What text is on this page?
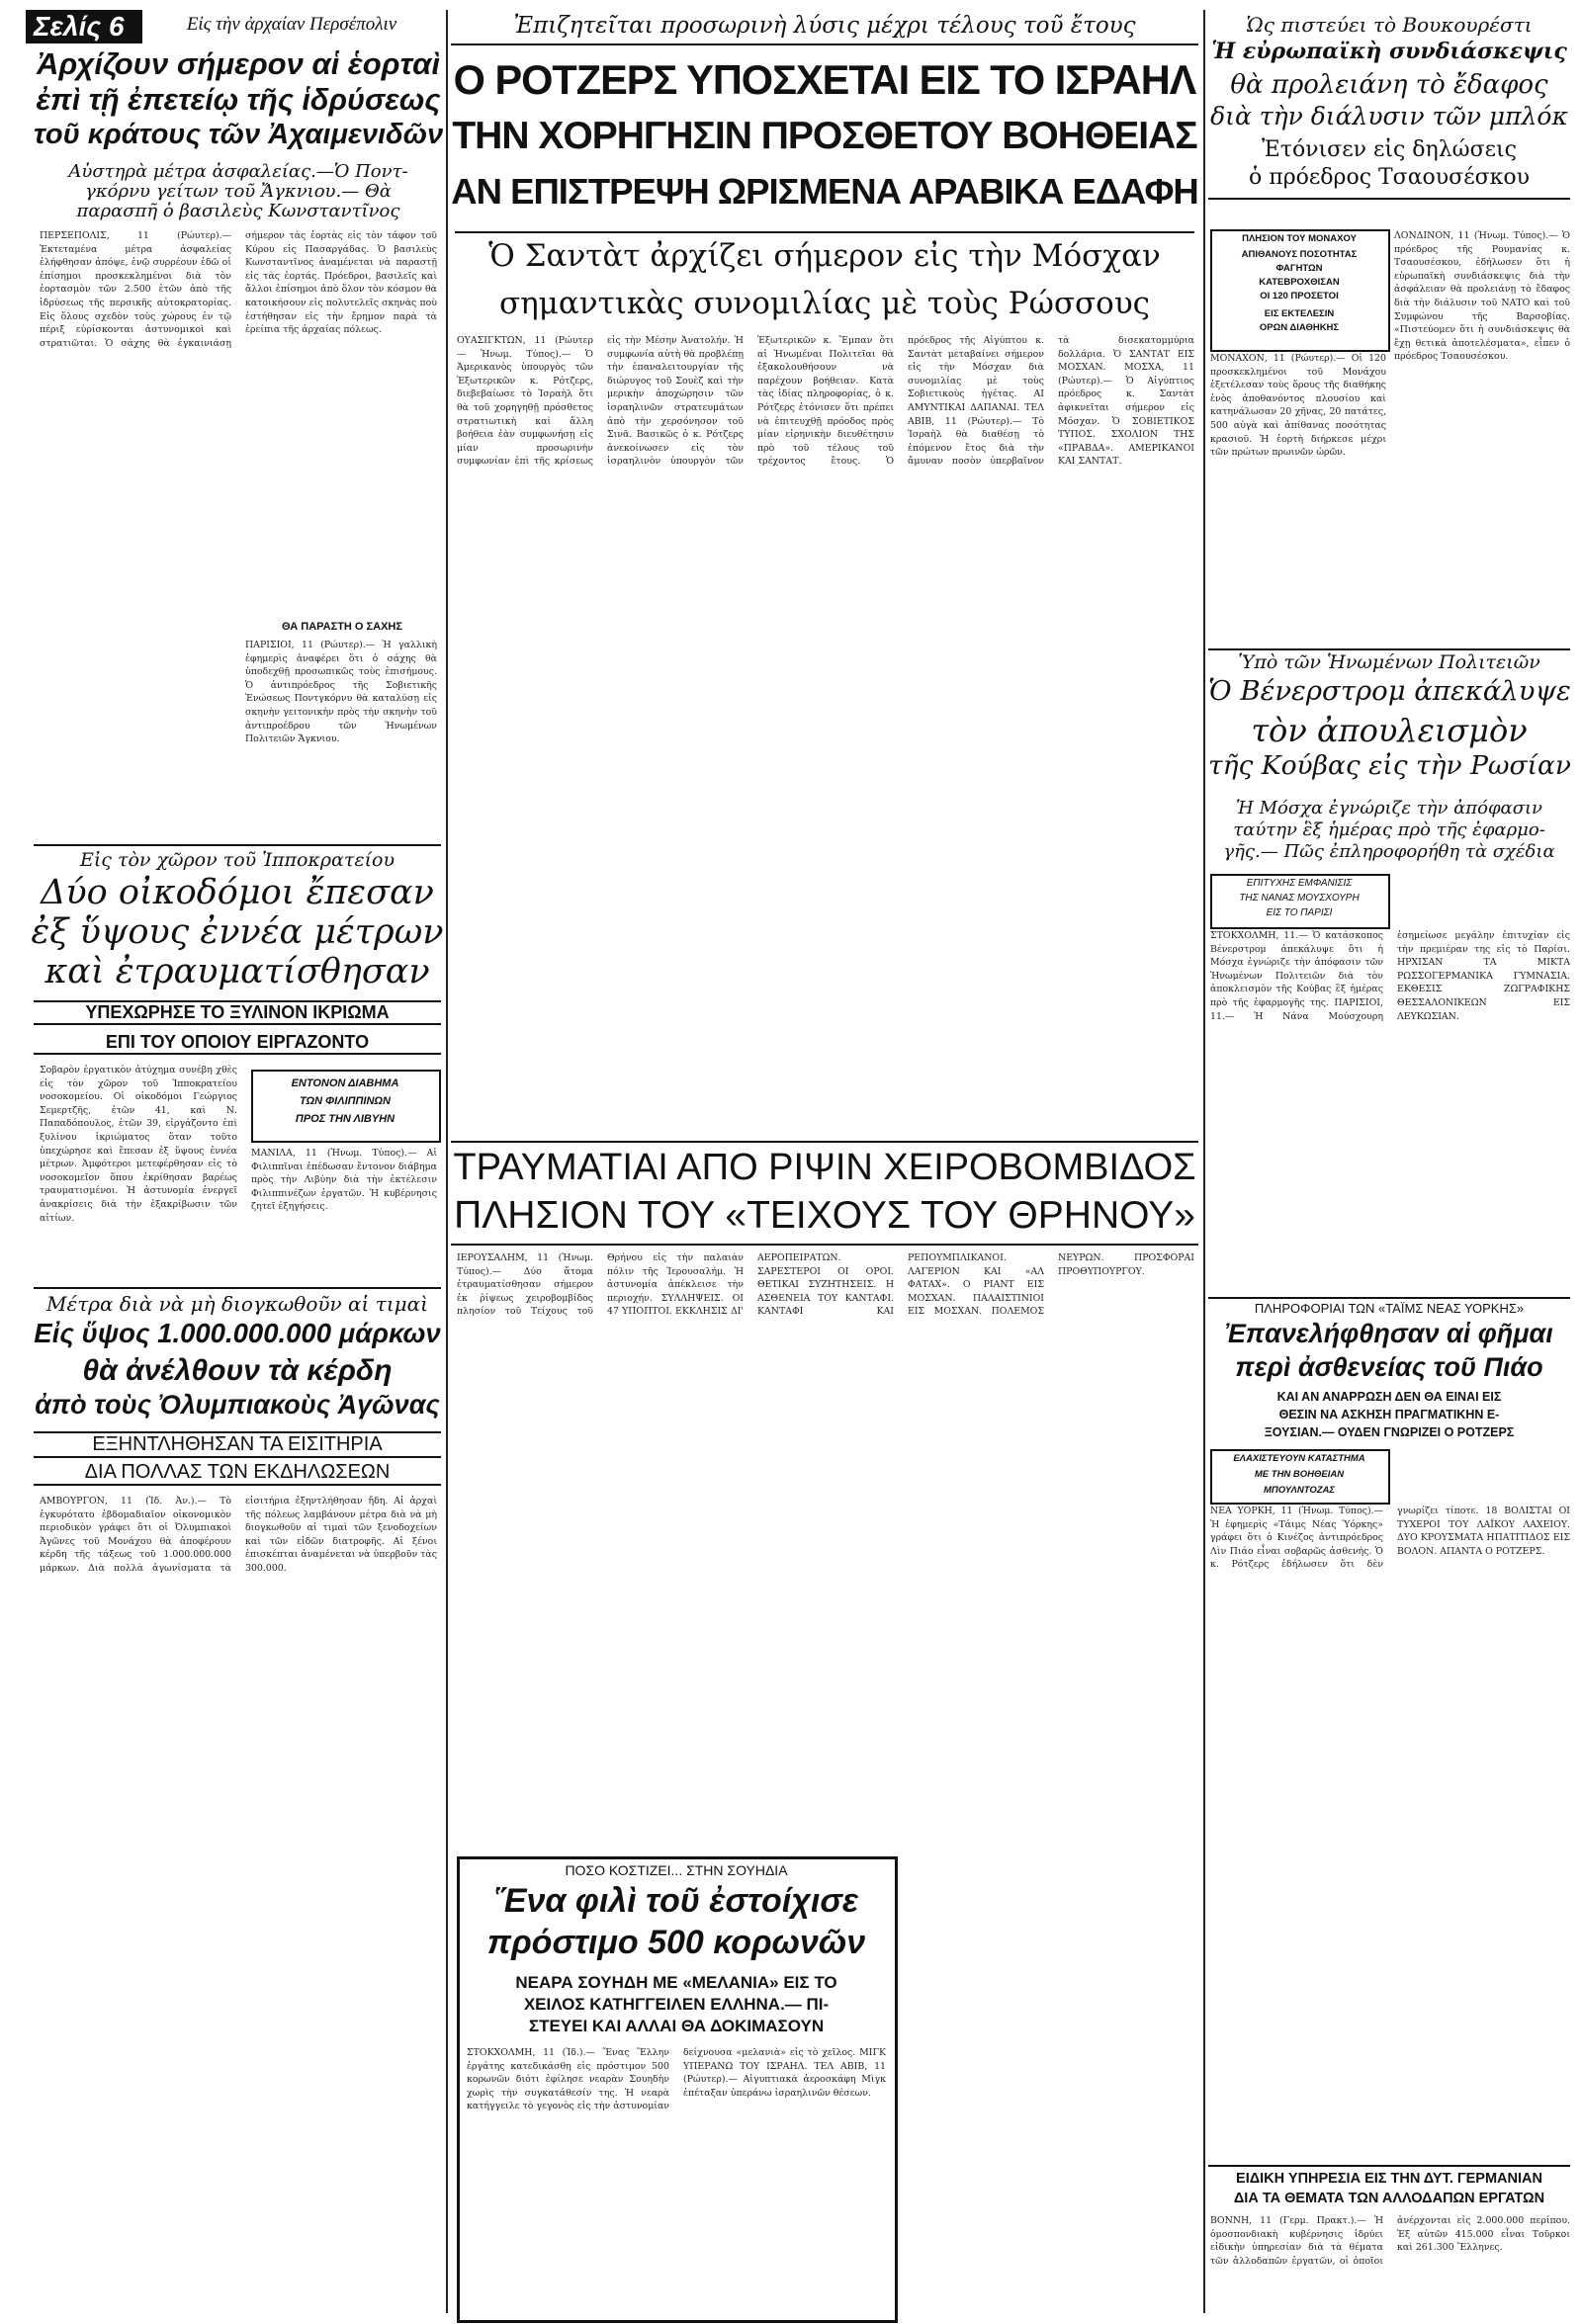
Σελίς 6	Εἰς τὴν ἀρχαίαν Περσέπολιν
Ἀρχίζουν σήμερον αἱ ἑορταὶ
ἐπὶ τῇ ἐπετείῳ τῆς ἱδρύσεως
τοῦ κράτους τῶν Ἀχαιμενιδῶν
Αὐστηρὰ μέτρα ἀσφαλείας.—Ὁ Ποντ-
γκόρνυ γείτων τοῦ Ἄγκνιου.— Θὰ
παρασπῆ ὁ βασιλεὺς Κωνσταντῖνος
ΠΕΡΣΕΠΟΛΙΣ, 11 (Ρώυτερ).— Ἐκτεταμένα μέτρα ἀσφαλείας ἐλήφθησαν ἀπόψε, ἐνῷ συρρέουν ἐδῶ οἱ ἐπίσημοι προσκεκλημένοι διὰ τὸν ἑορτασμὸν τῶν 2.500 ἐτῶν ἀπὸ τῆς ἱδρύσεως τῆς περσικῆς αὐτοκρατορίας. Εἰς ὅλους σχεδὸν τοὺς χώρους ἐν τῷ πέριξ εὑρίσκονται ἀστυνομικοὶ καὶ στρατιῶται. Ὁ σάχης θὰ ἐγκαινιάσῃ σήμερον τὰς ἑορτὰς εἰς τὸν τάφον τοῦ Κύρου εἰς Πασαργάδας. Ὁ βασιλεὺς Κωνσταντῖνος ἀναμένεται νὰ παραστῇ εἰς τὰς ἑορτάς. Πρόεδροι, βασιλεῖς καὶ ἄλλοι ἐπίσημοι ἀπὸ ὅλον τὸν κόσμον θὰ κατοικήσουν εἰς πολυτελεῖς σκηνὰς ποὺ ἐστήθησαν εἰς τὴν ἔρημον παρὰ τὰ ἐρείπια τῆς ἀρχαίας πόλεως.
ΘΑ ΠΑΡΑΣΤΗ Ο ΣΑΧΗΣ
ΠΑΡΙΣΙΟΙ, 11 (Ρώυτερ).— Ἡ γαλλικὴ ἐφημερὶς ἀναφέρει ὅτι ὁ σάχης θὰ ὑποδεχθῇ προσωπικῶς τοὺς ἐπισήμους. Ὁ ἀντιπρόεδρος τῆς Σοβιετικῆς Ἑνώσεως Ποντγκόρνυ θὰ καταλύσῃ εἰς σκηνὴν γειτονικὴν πρὸς τὴν σκηνὴν τοῦ ἀντιπροέδρου τῶν Ἡνωμένων Πολιτειῶν Ἄγκνιου.
Εἰς τὸν χῶρον τοῦ Ἱπποκρατείου
Δύο οἰκοδόμοι ἔπεσαν
ἐξ ὕψους ἐννέα μέτρων
καὶ ἐτραυματίσθησαν
ΥΠΕΧΩΡΗΣΕ ΤΟ ΞΥΛΙΝΟΝ ΙΚΡΙΩΜΑ
ΕΠΙ ΤΟΥ ΟΠΟΙΟΥ ΕΙΡΓΑΖΟΝΤΟ
Σοβαρὸν ἐργατικὸν ἀτύχημα συνέβη χθὲς εἰς τὸν χῶρον τοῦ Ἱπποκρατείου νοσοκομείου. Οἱ οἰκοδόμοι Γεώργιος Σεμερτζῆς, ἐτῶν 41, καὶ Ν. Παπαδόπουλος, ἐτῶν 39, εἰργάζοντο ἐπὶ ξυλίνου ἰκριώματος ὅταν τοῦτο ὑπεχώρησε καὶ ἔπεσαν ἐξ ὕψους ἐννέα μέτρων. Ἀμφότεροι μετεφέρθησαν εἰς τὸ νοσοκομεῖον ὅπου ἐκρίθησαν βαρέως τραυματισμένοι. Ἡ ἀστυνομία ἐνεργεῖ ἀνακρίσεις διὰ τὴν ἐξακρίβωσιν τῶν αἰτίων.
ΕΝΤΟΝΟΝ ΔΙΑΒΗΜΑ
ΤΩΝ ΦΙΛΙΠΠΙΝΩΝ
ΠΡΟΣ ΤΗΝ ΛΙΒΥΗΝ
ΜΑΝΙΛΑ, 11 (Ἡνωμ. Τύπος).— Αἱ Φιλιππῖναι ἐπέδωσαν ἔντονον διάβημα πρὸς τὴν Λιβύην διὰ τὴν ἐκτέλεσιν Φιλιππινέζων ἐργατῶν. Ἡ κυβέρνησις ζητεῖ ἐξηγήσεις.
Μέτρα διὰ νὰ μὴ διογκωθοῦν αἱ τιμαὶ
Εἰς ὕψος 1.000.000.000 μάρκων
θὰ ἀνέλθουν τὰ κέρδη
ἀπὸ τοὺς Ὀλυμπιακοὺς Ἀγῶνας
ΕΞΗΝΤΛΗΘΗΣΑΝ ΤΑ ΕΙΣΙΤΗΡΙΑ
ΔΙΑ ΠΟΛΛΑΣ ΤΩΝ ΕΚΔΗΛΩΣΕΩΝ
ΑΜΒΟΥΡΓΟΝ, 11 (Ἰδ. Ἀν.).— Τὸ ἐγκυρότατο ἑβδομαδιαῖον οἰκονομικὸν περιοδικὸν γράφει ὅτι οἱ Ὀλυμπιακοὶ Ἀγῶνες τοῦ Μονάχου θὰ ἀποφέρουν κέρδη τῆς τάξεως τοῦ 1.000.000.000 μάρκων. Διὰ πολλὰ ἀγωνίσματα τὰ εἰσιτήρια ἐξηντλήθησαν ἤδη. Αἱ ἀρχαὶ τῆς πόλεως λαμβάνουν μέτρα διὰ νὰ μὴ διογκωθοῦν αἱ τιμαὶ τῶν ξενοδοχείων καὶ τῶν εἰδῶν διατροφῆς. Αἱ ξένοι ἐπισκέπται ἀναμένεται νὰ ὑπερβοῦν τὰς 300.000.
Ἐπιζητεῖται προσωρινὴ λύσις μέχρι τέλους τοῦ ἔτους
Ο ΡΟΤΖΕΡΣ ΥΠΟΣΧΕΤΑΙ ΕΙΣ ΤΟ ΙΣΡΑΗΛ
ΤΗΝ ΧΟΡΗΓΗΣΙΝ ΠΡΟΣΘΕΤΟΥ ΒΟΗΘΕΙΑΣ
ΑΝ ΕΠΙΣΤΡΕΨΗ ΩΡΙΣΜΕΝΑ ΑΡΑΒΙΚΑ ΕΔΑΦΗ
Ὁ Σαντὰτ ἀρχίζει σήμερον εἰς τὴν Μόσχαν
σημαντικὰς συνομιλίας μὲ τοὺς Ρώσσους
ΟΥΑΣΙΓΚΤΩΝ, 11 (Ρώυτερ — Ἡνωμ. Τύπος).— Ὁ Ἀμερικανὸς ὑπουργὸς τῶν Ἐξωτερικῶν κ. Ρότζερς, διεβεβαίωσε τὸ Ἰσραὴλ ὅτι θὰ τοῦ χορηγηθῇ πρόσθετος στρατιωτικὴ καὶ ἄλλη βοήθεια ἐὰν συμφωνήσῃ εἰς μίαν προσωρινὴν συμφωνίαν ἐπὶ τῆς κρίσεως εἰς τὴν Μέσην Ἀνατολήν. Ἡ συμφωνία αὐτὴ θὰ προβλέπῃ τὴν ἐπαναλειτουργίαν τῆς διώρυγος τοῦ Σουὲζ καὶ τὴν μερικὴν ἀποχώρησιν τῶν ἰσραηλινῶν στρατευμάτων ἀπὸ τὴν χερσόνησον τοῦ Σινᾶ. Βασικῶς ὁ κ. Ρότζερς ἀνεκοίνωσεν εἰς τὸν ἰσραηλινὸν ὑπουργὸν τῶν Ἐξωτερικῶν κ. Ἔμπαν ὅτι αἱ Ἡνωμέναι Πολιτεῖαι θὰ ἐξακολουθήσουν νὰ παρέχουν βοήθειαν. Κατὰ τὰς ἰδίας πληροφορίας, ὁ κ. Ρότζερς ἐτόνισεν ὅτι πρέπει νὰ ἐπιτευχθῇ πρόοδος πρὸς μίαν εἰρηνικὴν διευθέτησιν πρὸ τοῦ τέλους τοῦ τρέχοντος ἔτους. Ὁ πρόεδρος τῆς Αἰγύπτου κ. Σαντὰτ μεταβαίνει σήμερον εἰς τὴν Μόσχαν διὰ συνομιλίας μὲ τοὺς Σοβιετικοὺς ἡγέτας. ΑΙ ΑΜΥΝΤΙΚΑΙ ΔΑΠΑΝΑΙ. ΤΕΛ ΑΒΙΒ, 11 (Ρώυτερ).— Τὸ Ἰσραὴλ θὰ διαθέσῃ τὸ ἐπόμενον ἔτος διὰ τὴν ἄμυναν ποσὸν ὑπερβαῖνον τὰ δισεκατομμύρια δολλάρια. Ὁ ΣΑΝΤΑΤ ΕΙΣ ΜΟΣΧΑΝ. ΜΟΣΧΑ, 11 (Ρώυτερ).— Ὁ Αἰγύπτιος πρόεδρος κ. Σαντὰτ ἀφικνεῖται σήμερον εἰς Μόσχαν. Ὁ ΣΟΒΙΕΤΙΚΟΣ ΤΥΠΟΣ. ΣΧΟΛΙΟΝ ΤΗΣ «ΠΡΑΒΔΑ». ΑΜΕΡΙΚΑΝΟΙ ΚΑΙ ΣΑΝΤΑΤ.
ΤΡΑΥΜΑΤΙΑΙ ΑΠΟ ΡΙΨΙΝ ΧΕΙΡΟΒΟΜΒΙΔΟΣ
ΠΛΗΣΙΟΝ ΤΟΥ «ΤΕΙΧΟΥΣ ΤΟΥ ΘΡΗΝΟΥ»
ΙΕΡΟΥΣΑΛΗΜ, 11 (Ἡνωμ. Τύπος).— Δύο ἄτομα ἐτραυματίσθησαν σήμερον ἐκ ῥίψεως χειροβομβίδος πλησίον τοῦ Τείχους τοῦ Θρήνου εἰς τὴν παλαιὰν πόλιν τῆς Ἱερουσαλήμ. Ἡ ἀστυνομία ἀπέκλεισε τὴν περιοχήν. ΣΥΛΛΗΨΕΙΣ. ΟΙ 47 ΥΠΟΠΤΟΙ. ΕΚΚΛΗΣΙΣ ΔΙ' ΑΕΡΟΠΕΙΡΑΤΩΝ. ΣΑΡΕΣΤΕΡΟΙ ΟΙ ΟΡΟΙ. ΘΕΤΙΚΑΙ ΣΥΖΗΤΗΣΕΙΣ. Η ΑΣΘΕΝΕΙΑ ΤΟΥ ΚΑΝΤΑΦΙ. ΚΑΝΤΑΦΙ ΚΑΙ ΡΕΠΟΥΜΠΛΙΚΑΝΟΙ. ΛΑΓΕΡΙΟΝ ΚΑΙ «ΑΛ ΦΑΤΑΧ». Ο ΡΙΑΝΤ ΕΙΣ ΜΟΣΧΑΝ. ΠΑΛΑΙΣΤΙΝΙΟΙ ΕΙΣ ΜΟΣΧΑΝ. ΠΟΛΕΜΟΣ ΝΕΥΡΩΝ. ΠΡΟΣΦΟΡΑΙ ΠΡΟΘΥΠΟΥΡΓΟΥ.
ΠΟΣΟ ΚΟΣΤΙΖΕΙ... ΣΤΗΝ ΣΟΥΗΔΙΑ
Ἕνα φιλὶ τοῦ ἐστοίχισε
πρόστιμο 500 κορωνῶν
ΝΕΑΡΑ ΣΟΥΗΔΗ ΜΕ «ΜΕΛΑΝΙΑ» ΕΙΣ ΤΟ
ΧΕΙΛΟΣ ΚΑΤΗΓΓΕΙΛΕΝ ΕΛΛΗΝΑ.— ΠΙ-
ΣΤΕΥΕΙ ΚΑΙ ΑΛΛΑΙ ΘΑ ΔΟΚΙΜΑΣΟΥΝ
ΣΤΟΚΧΟΛΜΗ, 11 (Ἰδ.).— Ἕνας Ἕλλην ἐργάτης κατεδικάσθη εἰς πρόστιμον 500 κορωνῶν διότι ἐφίλησε νεαρὰν Σουηδὴν χωρὶς τὴν συγκατάθεσίν της. Ἡ νεαρὰ κατήγγειλε τὸ γεγονὸς εἰς τὴν ἀστυνομίαν δείχνουσα «μελανιὰ» εἰς τὸ χεῖλος. ΜΙΓΚ ΥΠΕΡΑΝΩ ΤΟΥ ΙΣΡΑΗΛ. ΤΕΛ ΑΒΙΒ, 11 (Ρώυτερ).— Αἰγυπτιακὰ ἀεροσκάφη Μὶγκ ἐπέταξαν ὑπεράνω ἰσραηλινῶν θέσεων.
Ὡς πιστεύει τὸ Βουκουρέστι
Ἡ εὐρωπαϊκὴ συνδιάσκεψις
θὰ προλειάνη τὸ ἔδαφος
διὰ τὴν διάλυσιν τῶν μπλόκ
Ἐτόνισεν εἰς δηλώσεις
ὁ πρόεδρος Τσαουσέσκου
ΠΛΗΣΙΟΝ ΤΟΥ ΜΟΝΑΧΟΥ
ΑΠΙΘΑΝΟΥΣ ΠΟΣΟΤΗΤΑΣ
ΦΑΓΗΤΩΝ
ΚΑΤΕΒΡΟΧΘΙΣΑΝ
ΟΙ 120 ΠΡΟΣΕΤΟΙ
ΕΙΣ ΕΚΤΕΛΕΣΙΝ
ΟΡΩΝ ΔΙΑΘΗΚΗΣ
ΜΟΝΑΧΟΝ, 11 (Ρώυτερ).— Οἱ 120 προσκεκλημένοι τοῦ Μονάχου ἐξετέλεσαν τοὺς ὅρους τῆς διαθήκης ἐνὸς ἀποθανόντος πλουσίου καὶ κατηνάλωσαν 20 χῆνας, 20 πατάτες, 500 αὐγὰ καὶ ἀπίθανας ποσότητας κρασιοῦ. Ἡ ἑορτὴ διήρκεσε μέχρι τῶν πρώτων πρωινῶν ὡρῶν.
ΛΟΝΔΙΝΟΝ, 11 (Ἡνωμ. Τύπος).— Ὁ πρόεδρος τῆς Ρουμανίας κ. Τσαουσέσκου, ἐδήλωσεν ὅτι ἡ εὐρωπαϊκὴ συνδιάσκεψις διὰ τὴν ἀσφάλειαν θὰ προλειάνῃ τὸ ἔδαφος διὰ τὴν διάλυσιν τοῦ ΝΑΤΟ καὶ τοῦ Συμφώνου τῆς Βαρσοβίας. «Πιστεύομεν ὅτι ἡ συνδιάσκεψις θὰ ἔχῃ θετικὰ ἀποτελέσματα», εἶπεν ὁ πρόεδρος Τσαουσέσκου.
Ὑπὸ τῶν Ἡνωμένων Πολιτειῶν
Ὁ Βένερστρομ ἀπεκάλυψε
τὸν ἀπουλεισμὸν
τῆς Κούβας εἰς τὴν Ρωσίαν
Ἡ Μόσχα ἐγνώριζε τὴν ἀπόφασιν
ταύτην ἓξ ἡμέρας πρὸ τῆς ἐφαρμο-
γῆς.— Πῶς ἐπληροφορήθη τὰ σχέδια
ΕΠΙΤΥΧΗΣ ΕΜΦΑΝΙΣΙΣ
ΤΗΣ ΝΑΝΑΣ ΜΟΥΣΧΟΥΡΗ
ΕΙΣ ΤΟ ΠΑΡΙΣΙ
ΣΤΟΚΧΟΛΜΗ, 11.— Ὁ κατάσκοπος Βένερστρομ ἀπεκάλυψε ὅτι ἡ Μόσχα ἐγνώριζε τὴν ἀπόφασιν τῶν Ἡνωμένων Πολιτειῶν διὰ τὸν ἀποκλεισμὸν τῆς Κούβας ἓξ ἡμέρας πρὸ τῆς ἐφαρμογῆς της. ΠΑΡΙΣΙΟΙ, 11.— Ἡ Νάνα Μούσχουρη ἐσημείωσε μεγάλην ἐπιτυχίαν εἰς τὴν πρεμιέραν της εἰς τὸ Παρίσι. ΗΡΧΙΣΑΝ ΤΑ ΜΙΚΤΑ ΡΩΣΣΟΓΕΡΜΑΝΙΚΑ ΓΥΜΝΑΣΙΑ. ΕΚΘΕΣΙΣ ΖΩΓΡΑΦΙΚΗΣ ΘΕΣΣΑΛΟΝΙΚΕΩΝ ΕΙΣ ΛΕΥΚΩΣΙΑΝ.
ΠΛΗΡΟΦΟΡΙΑΙ ΤΩΝ «ΤΑΪΜΣ ΝΕΑΣ ΥΟΡΚΗΣ»
Ἐπανελήφθησαν αἱ φῆμαι
περὶ ἀσθενείας τοῦ Πιάο
ΚΑΙ ΑΝ ΑΝΑΡΡΩΣΗ ΔΕΝ ΘΑ ΕΙΝΑΙ ΕΙΣ
ΘΕΣΙΝ ΝΑ ΑΣΚΗΣΗ ΠΡΑΓΜΑΤΙΚΗΝ Ε-
ΞΟΥΣΙΑΝ.— ΟΥΔΕΝ ΓΝΩΡΙΖΕΙ Ο ΡΟΤΖΕΡΣ
ΕΛΑΧΙΣΤΕΥΟΥΝ ΚΑΤΑΣΤΗΜΑ
ΜΕ ΤΗΝ ΒΟΗΘΕΙΑΝ
ΜΠΟΥΛΝΤΟΖΑΣ
ΝΕΑ ΥΟΡΚΗ, 11 (Ἡνωμ. Τύπος).— Ἡ ἐφημερὶς «Τάιμς Νέας Ὑόρκης» γράφει ὅτι ὁ Κινέζος ἀντιπρόεδρος Λὶν Πιάο εἶναι σοβαρῶς ἀσθενής. Ὁ κ. Ρότζερς ἐδήλωσεν ὅτι δὲν γνωρίζει τίποτε. 18 ΒΟΛΙΣΤΑΙ ΟΙ ΤΥΧΕΡΟΙ ΤΟΥ ΛΑΪΚΟΥ ΛΑΧΕΙΟΥ. ΔΥΟ ΚΡΟΥΣΜΑΤΑ ΗΠΑΤΙΤΙΔΟΣ ΕΙΣ ΒΟΛΟΝ. ΑΠΑΝΤΑ Ο ΡΟΤΖΕΡΣ.
ΕΙΔΙΚΗ ΥΠΗΡΕΣΙΑ ΕΙΣ ΤΗΝ ΔΥΤ. ΓΕΡΜΑΝΙΑΝ
ΔΙΑ ΤΑ ΘΕΜΑΤΑ ΤΩΝ ΑΛΛΟΔΑΠΩΝ ΕΡΓΑΤΩΝ
ΒΟΝΝΗ, 11 (Γερμ. Πρακτ.).— Ἡ ὁμοσπονδιακὴ κυβέρνησις ἱδρύει εἰδικὴν ὑπηρεσίαν διὰ τὰ θέματα τῶν ἀλλοδαπῶν ἐργατῶν, οἱ ὁποῖοι ἀνέρχονται εἰς 2.000.000 περίπου. Ἐξ αὐτῶν 415.000 εἶναι Τοῦρκοι καὶ 261.300 Ἕλληνες.
